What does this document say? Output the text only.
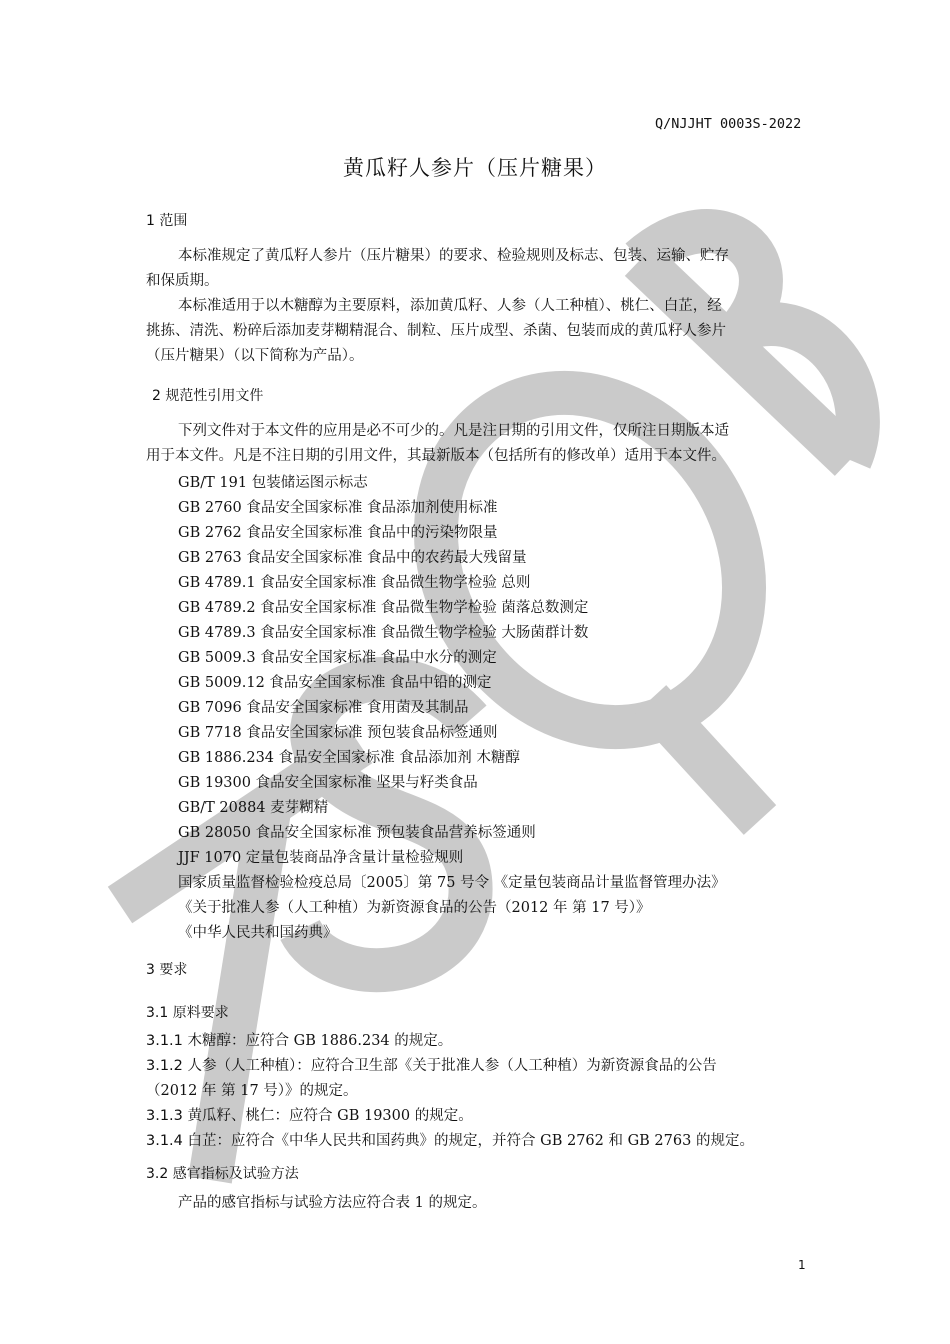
Q/NJJHT 0003S-2022
黄瓜籽人参片（压片糖果）
1 范围
本标准规定了黄瓜籽人参片（压片糖果）的要求、检验规则及标志、包装、运输、贮存
和保质期。
本标准适用于以木糖醇为主要原料，添加黄瓜籽、人参（人工种植）、桃仁、白芷，经
挑拣、清洗、粉碎后添加麦芽糊精混合、制粒、压片成型、杀菌、包装而成的黄瓜籽人参片
（压片糖果）（以下简称为产品）。
2 规范性引用文件
下列文件对于本文件的应用是必不可少的。凡是注日期的引用文件，仅所注日期版本适
用于本文件。凡是不注日期的引用文件，其最新版本（包括所有的修改单）适用于本文件。
GB/T 191 包装储运图示标志
GB 2760 食品安全国家标准 食品添加剂使用标准
GB 2762 食品安全国家标准 食品中的污染物限量
GB 2763 食品安全国家标准 食品中的农药最大残留量
GB 4789.1 食品安全国家标准 食品微生物学检验 总则
GB 4789.2 食品安全国家标准 食品微生物学检验 菌落总数测定
GB 4789.3 食品安全国家标准 食品微生物学检验 大肠菌群计数
GB 5009.3 食品安全国家标准 食品中水分的测定
GB 5009.12 食品安全国家标准 食品中铅的测定
GB 7096 食品安全国家标准 食用菌及其制品
GB 7718 食品安全国家标准 预包装食品标签通则
GB 1886.234 食品安全国家标准 食品添加剂 木糖醇
GB 19300 食品安全国家标准 坚果与籽类食品
GB/T 20884 麦芽糊精
GB 28050 食品安全国家标准 预包装食品营养标签通则
JJF 1070 定量包装商品净含量计量检验规则
国家质量监督检验检疫总局〔2005〕第 75 号令 《定量包装商品计量监督管理办法》
《关于批准人参（人工种植）为新资源食品的公告（2012 年 第 17 号）》
《中华人民共和国药典》
3 要求
3.1 原料要求
3.1.1 木糖醇：应符合 GB 1886.234 的规定。
3.1.2 人参（人工种植）：应符合卫生部《关于批准人参（人工种植）为新资源食品的公告
（2012 年 第 17 号）》的规定。
3.1.3 黄瓜籽、桃仁：应符合 GB 19300 的规定。
3.1.4 白芷：应符合《中华人民共和国药典》的规定，并符合 GB 2762 和 GB 2763 的规定。
3.2 感官指标及试验方法
产品的感官指标与试验方法应符合表 1 的规定。
1
